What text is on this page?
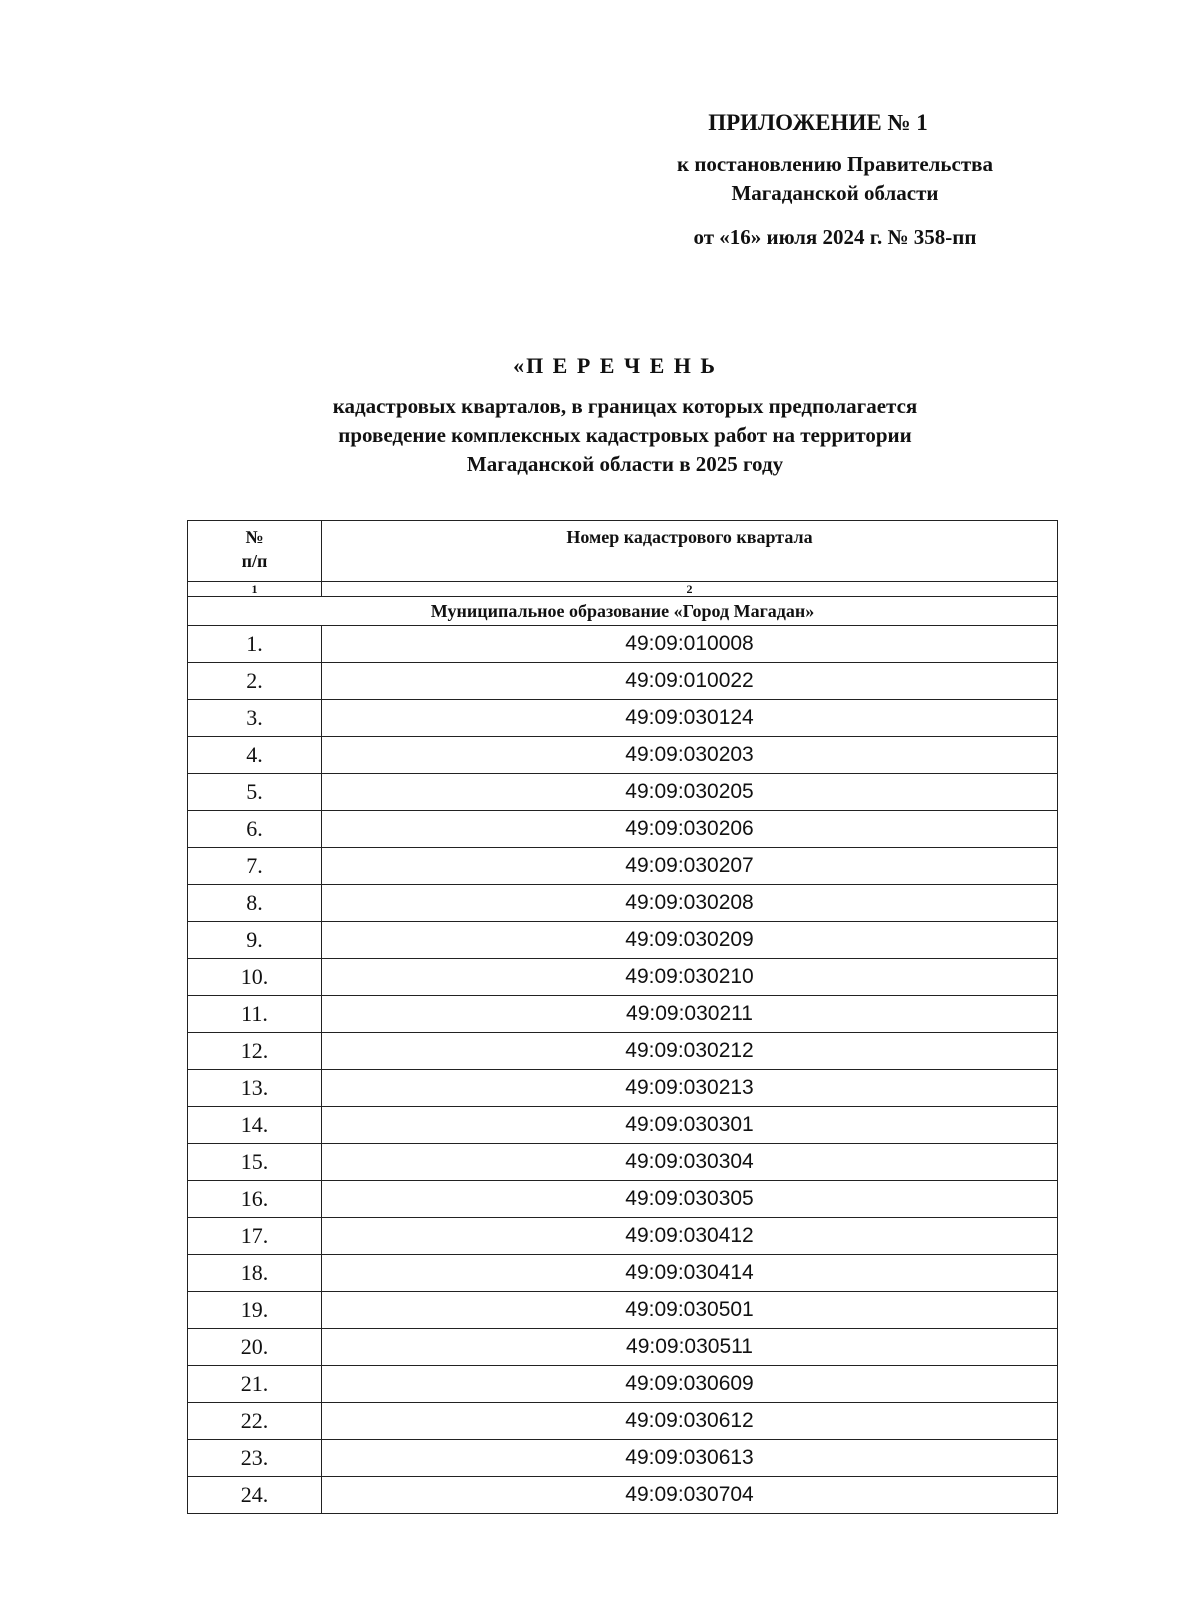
ПРИЛОЖЕНИЕ № 1
к постановлению Правительства
Магаданской области
от «16» июля 2024 г. № 358-пп
«П Е Р Е Ч Е Н Ь
кадастровых кварталов, в границах которых предполагается
проведение комплексных кадастровых работ на территории
Магаданской области в 2025 году
№
п/п	Номер кадастрового квартала
1	2
Муниципальное образование «Город Магадан»	
1.	49:09:010008
2.	49:09:010022
3.	49:09:030124
4.	49:09:030203
5.	49:09:030205
6.	49:09:030206
7.	49:09:030207
8.	49:09:030208
9.	49:09:030209
10.	49:09:030210
11.	49:09:030211
12.	49:09:030212
13.	49:09:030213
14.	49:09:030301
15.	49:09:030304
16.	49:09:030305
17.	49:09:030412
18.	49:09:030414
19.	49:09:030501
20.	49:09:030511
21.	49:09:030609
22.	49:09:030612
23.	49:09:030613
24.	49:09:030704
